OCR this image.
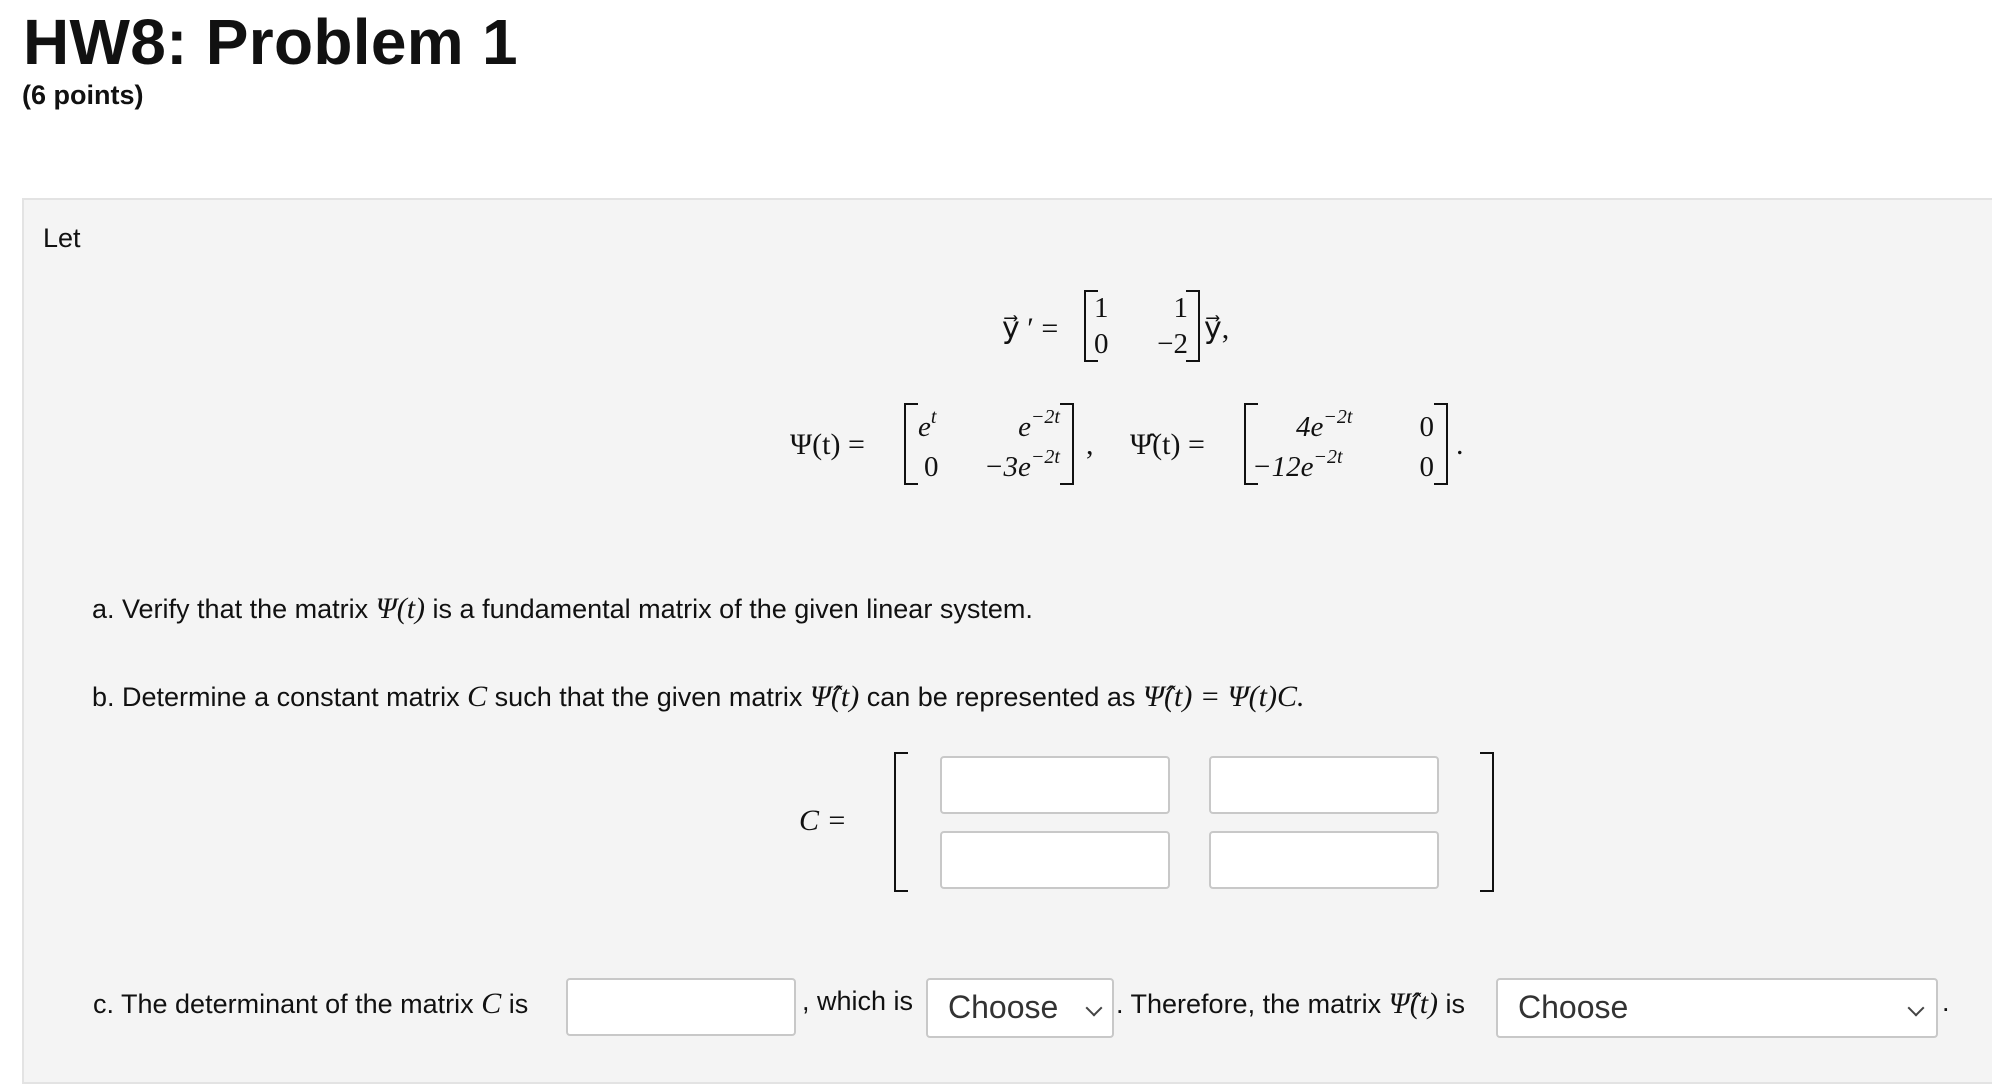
HW8: Problem 1
(6 points)
Let
y⃗ ′ =
1 1
0 −2 y⃗,
Ψ(t) =
$e^t$	$e^{-2t}$
$0 -3e^{-2t}$ , Ψ̂(t) =
$4e^{-2t}$ 0
$-12e^{-2t}$	0
.
a. Verify that the matrix Ψ(t) is a fundamental matrix of the given linear system.
b. Determine a constant matrix C such that the given matrix Ψ̂(t) can be represented as Ψ̂(t) = Ψ(t)C.
C =
c. The determinant of the matrix C is	, which is Choose . Therefore, the matrix Ψ̂(t) is Choose	.
